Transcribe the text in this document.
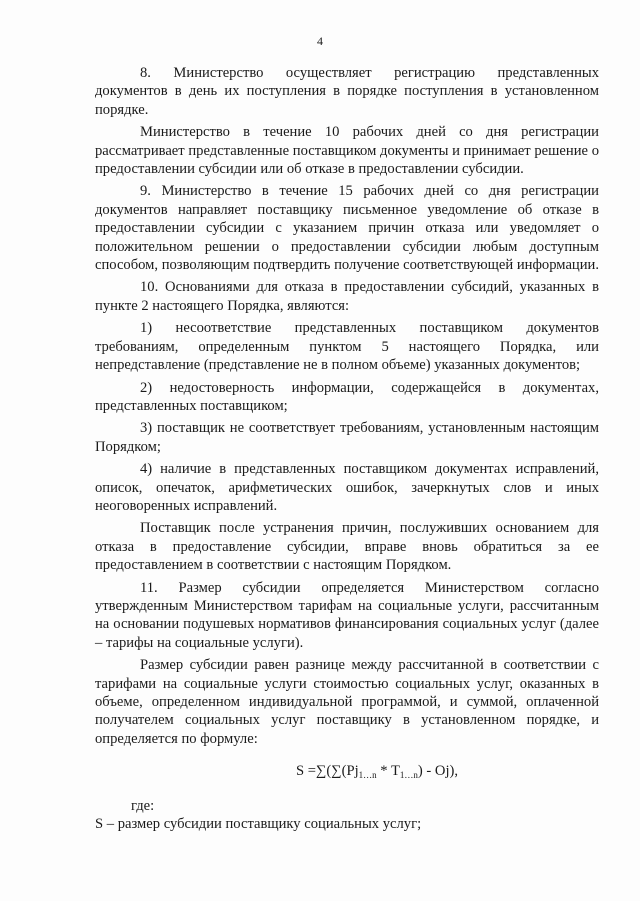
4

8. Министерство осуществляет регистрацию представленных документов в день их поступления в порядке поступления в установленном порядке.

Министерство в течение 10 рабочих дней со дня регистрации рассматривает представленные поставщиком документы и принимает решение о предоставлении субсидии или об отказе в предоставлении субсидии.

9. Министерство в течение 15 рабочих дней со дня регистрации документов направляет поставщику письменное уведомление об отказе в предоставлении субсидии с указанием причин отказа или уведомляет о положительном решении о предоставлении субсидии любым доступным способом, позволяющим подтвердить получение соответствующей информации.

10. Основаниями для отказа в предоставлении субсидий, указанных в пункте 2 настоящего Порядка, являются:

1) несоответствие представленных поставщиком документов требованиям, определенным пунктом 5 настоящего Порядка, или непредставление (представление не в полном объеме) указанных документов;

2) недостоверность информации, содержащейся в документах, представленных поставщиком;

3) поставщик не соответствует требованиям, установленным настоящим Порядком;

4) наличие в представленных поставщиком документах исправлений, описок, опечаток, арифметических ошибок, зачеркнутых слов и иных неоговоренных исправлений.

Поставщик после устранения причин, послуживших основанием для отказа в предоставление субсидии, вправе вновь обратиться за ее предоставлением в соответствии с настоящим Порядком.

11. Размер субсидии определяется Министерством согласно утвержденным Министерством тарифам на социальные услуги, рассчитанным на основании подушевых нормативов финансирования социальных услуг (далее – тарифы на социальные услуги).

Размер субсидии равен разнице между рассчитанной в соответствии с тарифами на социальные услуги стоимостью социальных услуг, оказанных в объеме, определенном индивидуальной программой, и суммой, оплаченной получателем социальных услуг поставщику в установленном порядке, и определяется по формуле:

$S =\sum(\sum(Pj_{1\dots n} * T_{1\dots n}) - Oj)$,

где:

S – размер субсидии поставщику социальных услуг;
